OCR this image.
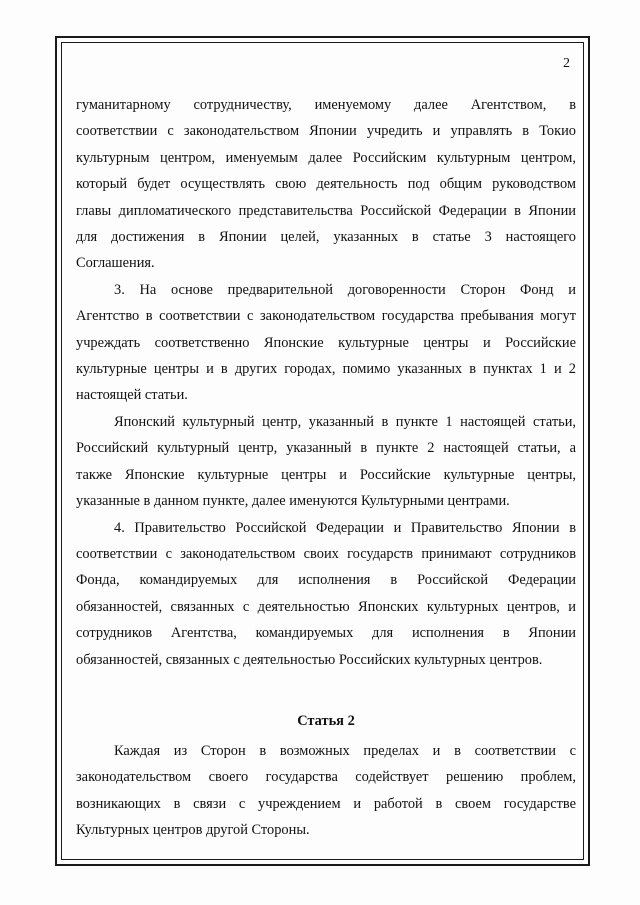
2

гуманитарному сотрудничеству, именуемому далее Агентством, в

соответствии с законодательством Японии учредить и управлять в Токио

культурным центром, именуемым далее Российским культурным центром,

который будет осуществлять свою деятельность под общим руководством

главы дипломатического представительства Российской Федерации в Японии

для достижения в Японии целей, указанных в статье 3 настоящего

Соглашения.

3. На основе предварительной договоренности Сторон Фонд и

Агентство в соответствии с законодательством государства пребывания могут

учреждать соответственно Японские культурные центры и Российские

культурные центры и в других городах, помимо указанных в пунктах 1 и 2

настоящей статьи.

Японский культурный центр, указанный в пункте 1 настоящей статьи,

Российский культурный центр, указанный в пункте 2 настоящей статьи, а

также Японские культурные центры и Российские культурные центры,

указанные в данном пункте, далее именуются Культурными центрами.

4. Правительство Российской Федерации и Правительство Японии в

соответствии с законодательством своих государств принимают сотрудников

Фонда, командируемых для исполнения в Российской Федерации

обязанностей, связанных с деятельностью Японских культурных центров, и

сотрудников Агентства, командируемых для исполнения в Японии

обязанностей, связанных с деятельностью Российских культурных центров.

Статья 2

Каждая из Сторон в возможных пределах и в соответствии с

законодательством своего государства содействует решению проблем,

возникающих в связи с учреждением и работой в своем государстве

Культурных центров другой Стороны.
